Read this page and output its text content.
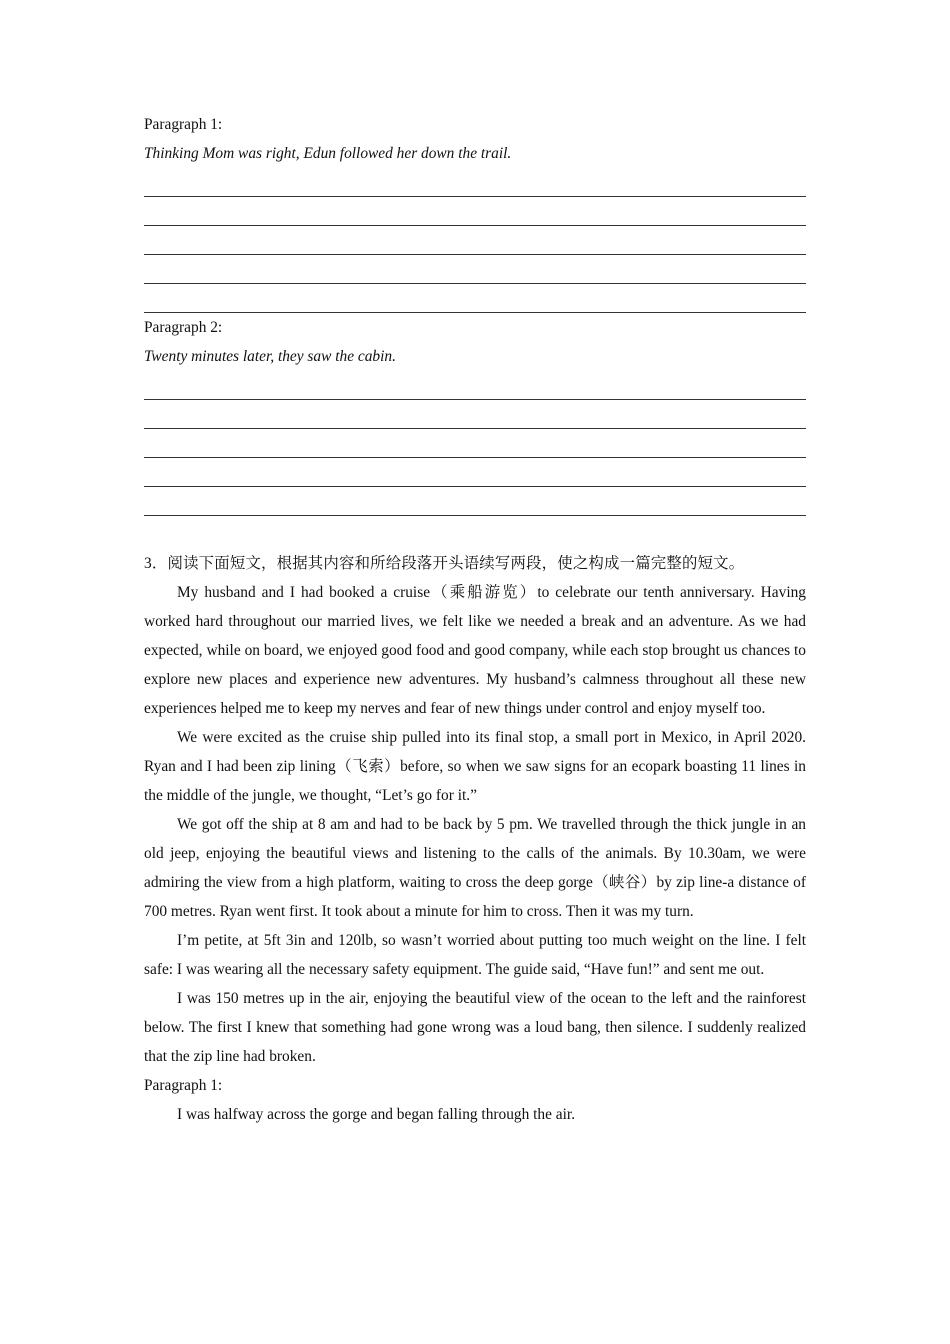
Paragraph 1:
Thinking Mom was right, Edun followed her down the trail.
Paragraph 2:
Twenty minutes later, they saw the cabin.
3．阅读下面短文，根据其内容和所给段落开头语续写两段，使之构成一篇完整的短文。

My husband and I had booked a cruise（乘船游览）to celebrate our tenth anniversary. Having worked hard throughout our married lives, we felt like we needed a break and an adventure. As we had expected, while on board, we enjoyed good food and good company, while each stop brought us chances to explore new places and experience new adventures. My husband’s calmness throughout all these new experiences helped me to keep my nerves and fear of new things under control and enjoy myself too.

We were excited as the cruise ship pulled into its final stop, a small port in Mexico, in April 2020. Ryan and I had been zip lining（飞索）before, so when we saw signs for an ecopark boasting 11 lines in the middle of the jungle, we thought, “Let’s go for it.”

We got off the ship at 8 am and had to be back by 5 pm. We travelled through the thick jungle in an old jeep, enjoying the beautiful views and listening to the calls of the animals. By 10.30am, we were admiring the view from a high platform, waiting to cross the deep gorge（峡谷）by zip line-a distance of 700 metres. Ryan went first. It took about a minute for him to cross. Then it was my turn.

I’m petite, at 5ft 3in and 120lb, so wasn’t worried about putting too much weight on the line. I felt safe: I was wearing all the necessary safety equipment. The guide said, “Have fun!” and sent me out.

I was 150 metres up in the air, enjoying the beautiful view of the ocean to the left and the rainforest below. The first I knew that something had gone wrong was a loud bang, then silence. I suddenly realized that the zip line had broken.

Paragraph 1:

I was halfway across the gorge and began falling through the air.
